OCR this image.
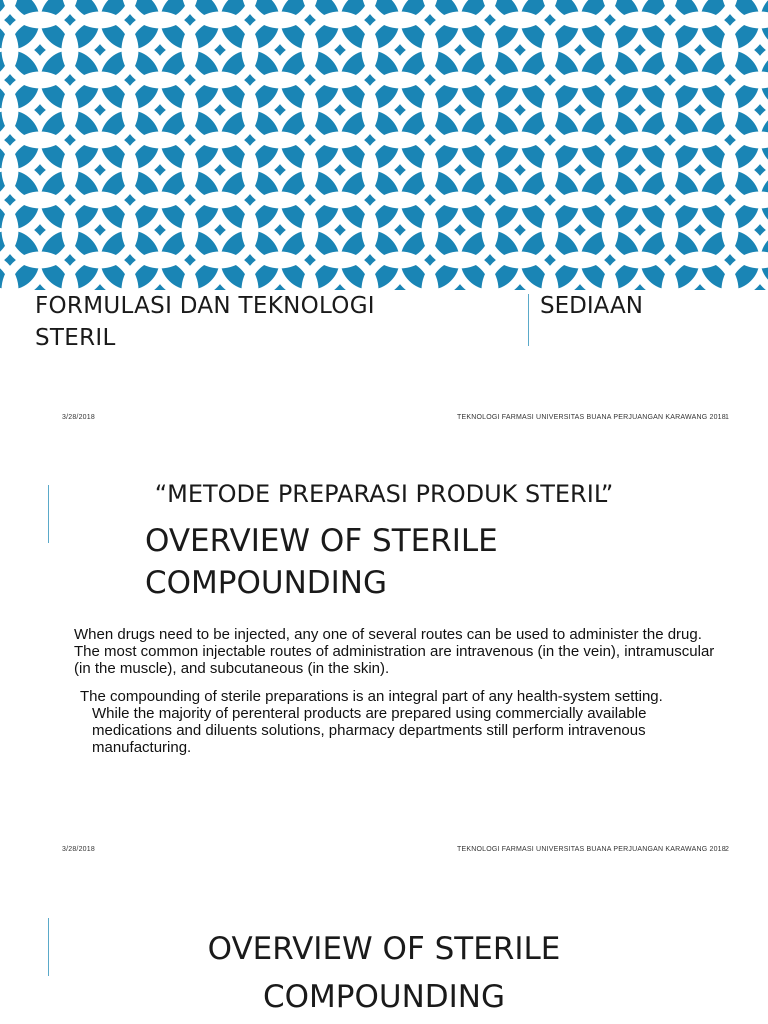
FORMULASI DAN TEKNOLOGI
STERIL
SEDIAAN
3/28/2018	TEKNOLOGI FARMASI UNIVERSITAS BUANA PERJUANGAN KARAWANG 2018 1
“METODE PREPARASI PRODUK STERIL”
OVERVIEW OF STERILE
COMPOUNDING

When drugs need to be injected, any one of several routes can be used to administer the drug. The most common injectable routes of administration are intravenous (in the vein), intramuscular (in the muscle), and subcutaneous (in the skin).

The compounding of sterile preparations is an integral part of any health-system setting.
While the majority of perenteral products are prepared using commercially available medications and diluents solutions, pharmacy departments still perform intravenous manufacturing.

3/28/2018	TEKNOLOGI FARMASI UNIVERSITAS BUANA PERJUANGAN KARAWANG 2018 2
OVERVIEW OF STERILE
COMPOUNDING
